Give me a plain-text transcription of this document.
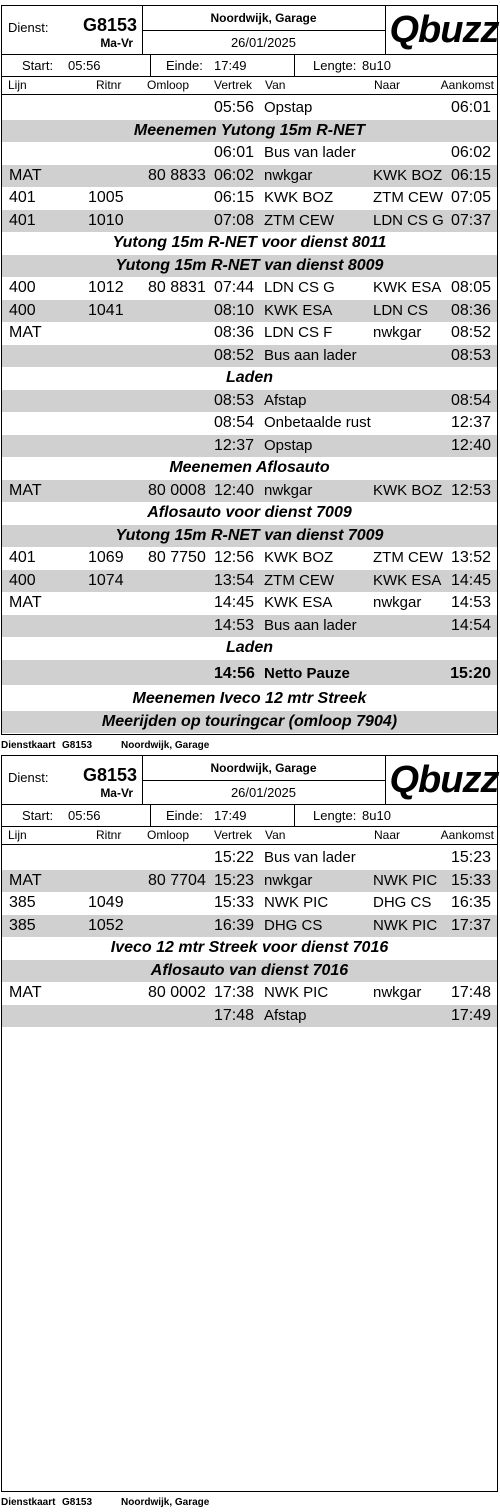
Dienst: G8153
Ma-Vr
Noordwijk, Garage
26/01/2025	Qbuzz
Start: 05:56	Einde: 17:49	Lengte: 8u10
Lijn	Ritnr Omloop Vertrek Van	Naar	Aankomst
05:56 Opstap	06:01
Meenemen Yutong 15m R-NET
06:01 Bus van lader	06:02
MAT	80 8833 06:02 nwkgar	KWK BOZ 06:15
401	1005	06:15 KWK BOZ	ZTM CEW 07:05
401	1010	07:08 ZTM CEW	LDN CS G 07:37
Yutong 15m R-NET voor dienst 8011
Yutong 15m R-NET van dienst 8009
400	1012 80 8831 07:44 LDN CS G	KWK ESA 08:05
400	1041	08:10 KWK ESA	LDN CS 08:36
MAT	08:36 LDN CS F	nwkgar 08:52
08:52 Bus aan lader	08:53
Laden
08:53 Afstap	08:54
08:54 Onbetaalde rust	12:37
12:37 Opstap	12:40
Meenemen Aflosauto
MAT	80 0008 12:40 nwkgar	KWK BOZ 12:53
Aflosauto voor dienst 7009
Yutong 15m R-NET van dienst 7009
401	1069 80 7750 12:56 KWK BOZ	ZTM CEW 13:52
400	1074	13:54 ZTM CEW	KWK ESA 14:45
MAT	14:45 KWK ESA	nwkgar 14:53
14:53 Bus aan lader	14:54
Laden
14:56 Netto Pauze	15:20
Meenemen Iveco 12 mtr Streek
Meerijden op touringcar (omloop 7904)
Dienstkaart G8153	Noordwijk, Garage
Dienst: G8153
Ma-Vr
Noordwijk, Garage
26/01/2025	Qbuzz
Start: 05:56	Einde: 17:49	Lengte: 8u10
Lijn	Ritnr Omloop Vertrek Van	Naar	Aankomst
15:22 Bus van lader	15:23
MAT	80 7704 15:23 nwkgar	NWK PIC 15:33
385	1049	15:33 NWK PIC	DHG CS 16:35
385	1052	16:39 DHG CS	NWK PIC 17:37
Iveco 12 mtr Streek voor dienst 7016
Aflosauto van dienst 7016
MAT	80 0002 17:38 NWK PIC	nwkgar 17:48
17:48 Afstap	17:49
Dienstkaart G8153	Noordwijk, Garage
